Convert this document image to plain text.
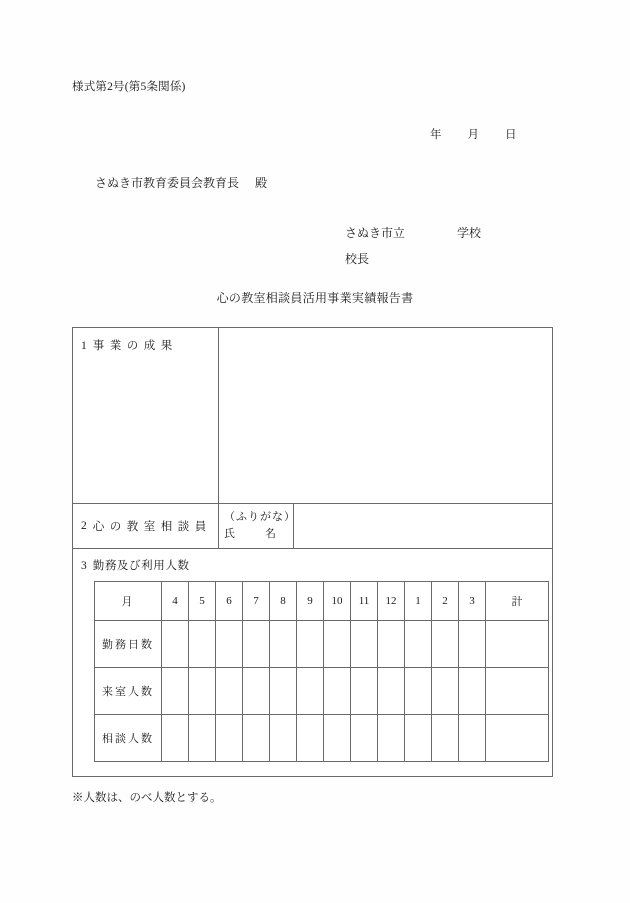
様式第2号(第5条関係)
年 月 日
さぬき市教育委員会教育長 殿
さぬき市立	学校
校長
心の教室相談員活用事業実績報告書
1 事業の成果
2 心の教室相談員
（ふりがな）
氏	名
3 勤務及び利用人数
月	4	5	6	7	8	9	10	11	12	1	2	3	計
勤務日数													
来室人数													
相談人数													
※人数は、のべ人数とする。
